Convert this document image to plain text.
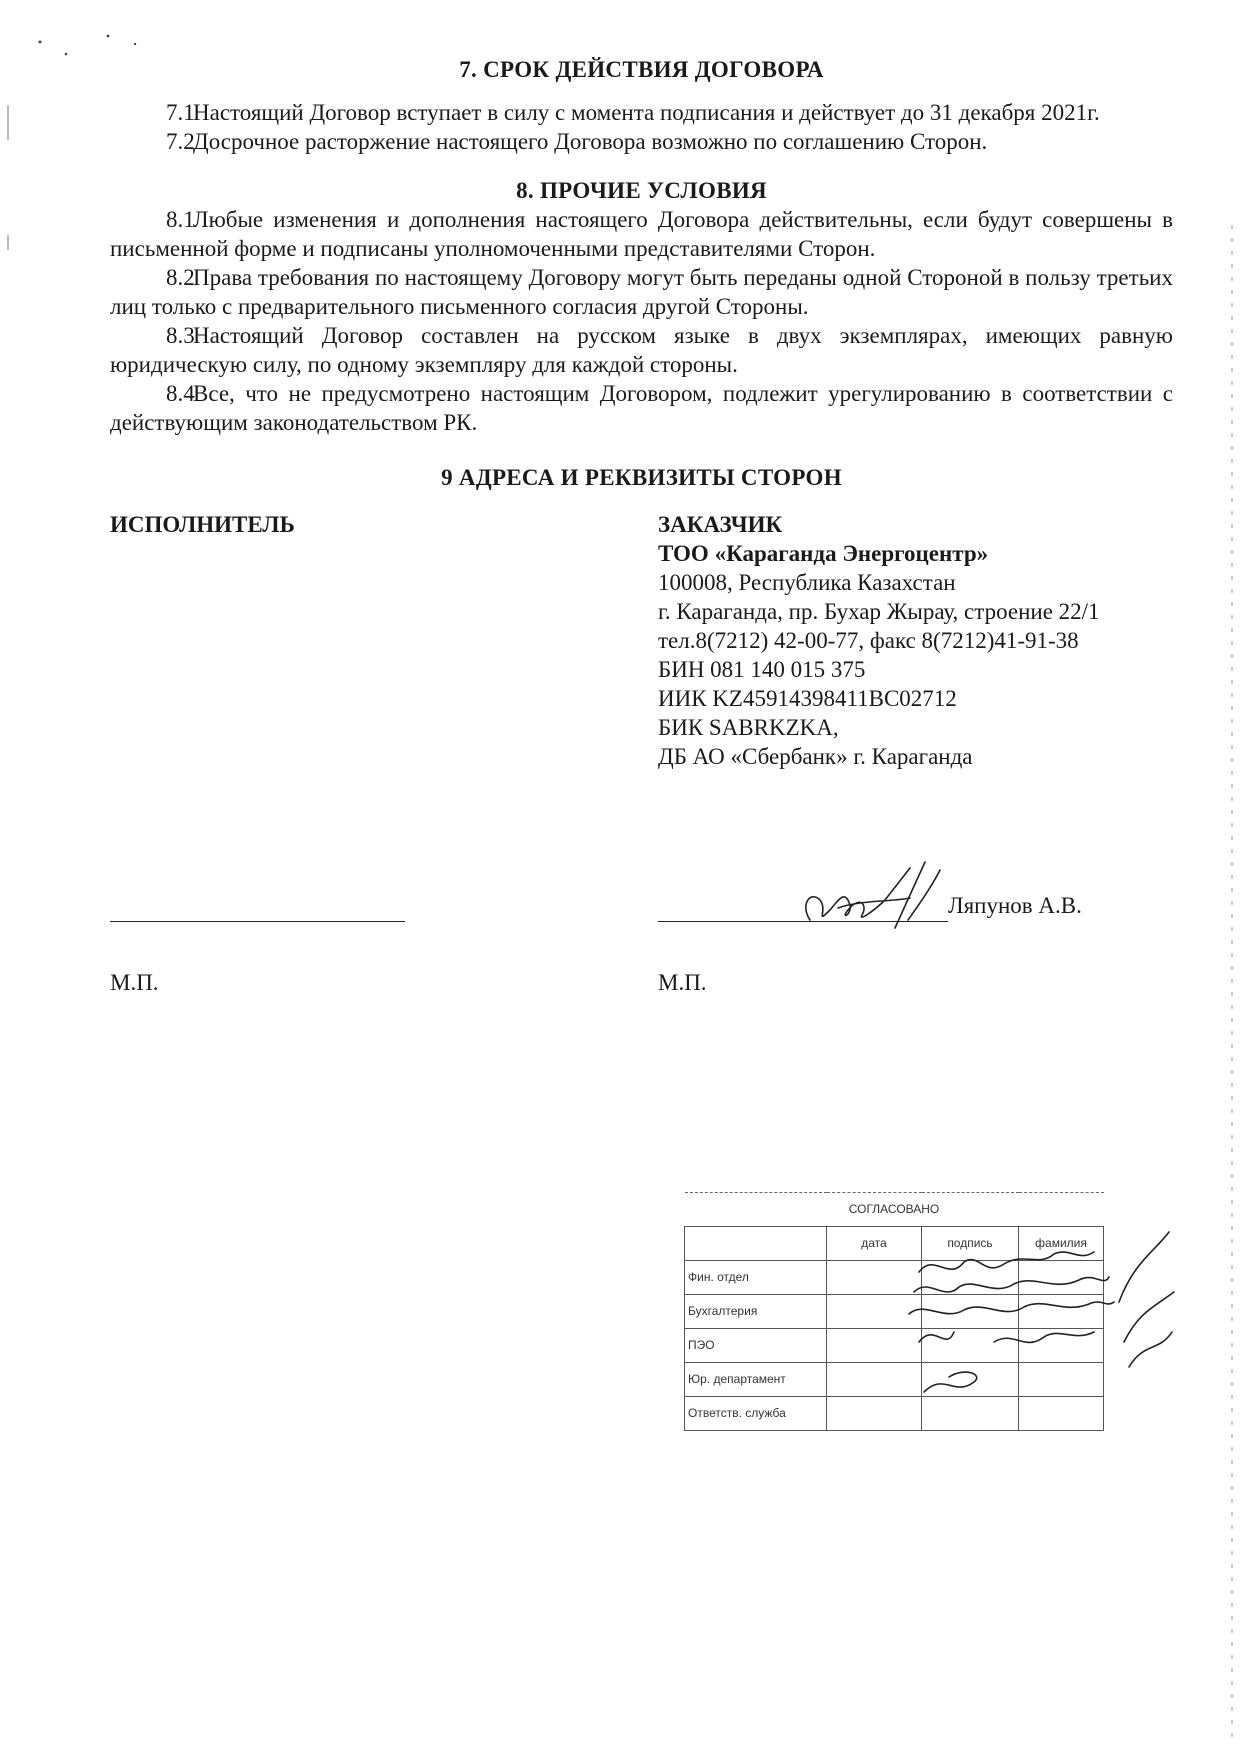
7. СРОК ДЕЙСТВИЯ ДОГОВОРА

7.1Настоящий Договор вступает в силу с момента подписания и действует до 31 декабря 2021г.

7.2Досрочное расторжение настоящего Договора возможно по соглашению Сторон.

8. ПРОЧИЕ УСЛОВИЯ

8.1Любые изменения и дополнения настоящего Договора действительны, если будут совершены в письменной форме и подписаны уполномоченными представителями Сторон.

8.2Права требования по настоящему Договору могут быть переданы одной Стороной в пользу третьих лиц только с предварительного письменного согласия другой Стороны.

8.3Настоящий Договор составлен на русском языке в двух экземплярах, имеющих равную юридическую силу, по одному экземпляру для каждой стороны.

8.4Все, что не предусмотрено настоящим Договором, подлежит урегулированию в соответствии с действующим законодательством РК.

9 АДРЕСА И РЕКВИЗИТЫ СТОРОН
ИСПОЛНИТЕЛЬ	ЗАКАЗЧИК
ТОО «Караганда Энергоцентр»
100008, Республика Казахстан
г. Караганда, пр. Бухар Жырау, строение 22/1
тел.8(7212) 42-00-77, факс 8(7212)41-91-38
БИН 081 140 015 375
ИИК KZ45914398411BC02712
БИК SABRKZKA,
ДБ АО «Сбербанк» г. Караганда
Ляпунов А.В.
М.П.	М.П.
СОГЛАСОВАНО			
	дата	подпись	фамилия
Фин. отдел			
Бухгалтерия			
ПЭО			
Юр. департамент			
Ответств. служба			
